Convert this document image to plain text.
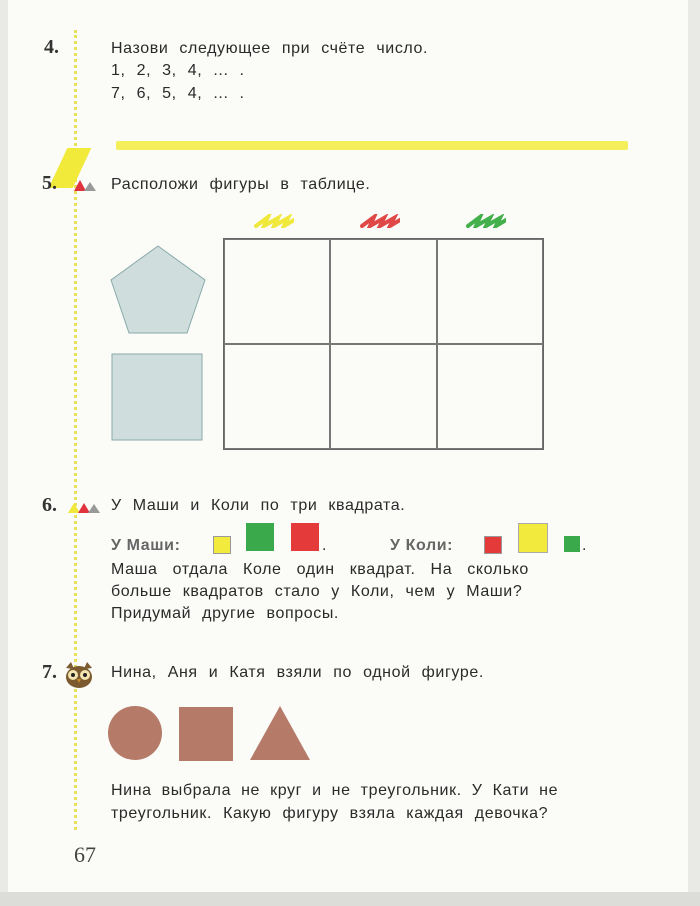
4.	Назови следующее при счёте число.
1, 2, 3, 4, ... .
7, 6, 5, 4, ... .
5.	Расположи фигуры в таблице.
6.	У Маши и Коли по три квадрата.
У Маши:	.	У Коли:	.
Маша отдала Коле один квадрат. На сколько
больше квадратов стало у Коли, чем у Маши?
Придумай другие вопросы.
7.	Нина, Аня и Катя взяли по одной фигуре.
Нина выбрала не круг и не треугольник. У Кати не
треугольник. Какую фигуру взяла каждая девочка?
67
